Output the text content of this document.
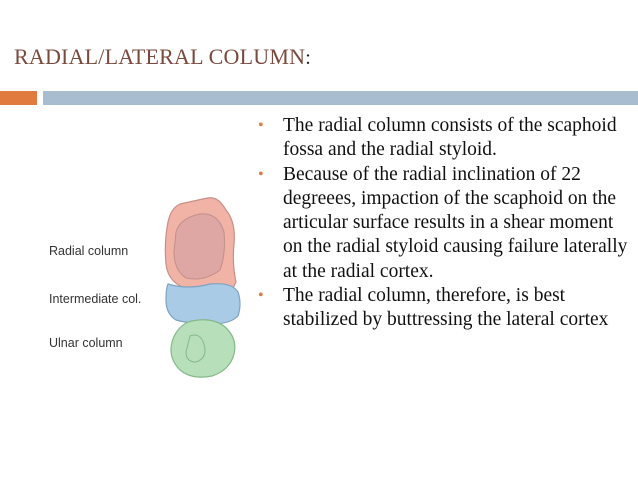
RADIAL/LATERAL COLUMN:
Radial column
Intermediate col.
Ulnar column
• The radial column consists of the scaphoid fossa and the radial styloid.
• Because of the radial inclination of 22 degreees, impaction of the scaphoid on the articular surface results in a shear moment on the radial styloid causing failure laterally at the radial cortex.
• The radial column, therefore, is best stabilized by buttressing the lateral cortex
